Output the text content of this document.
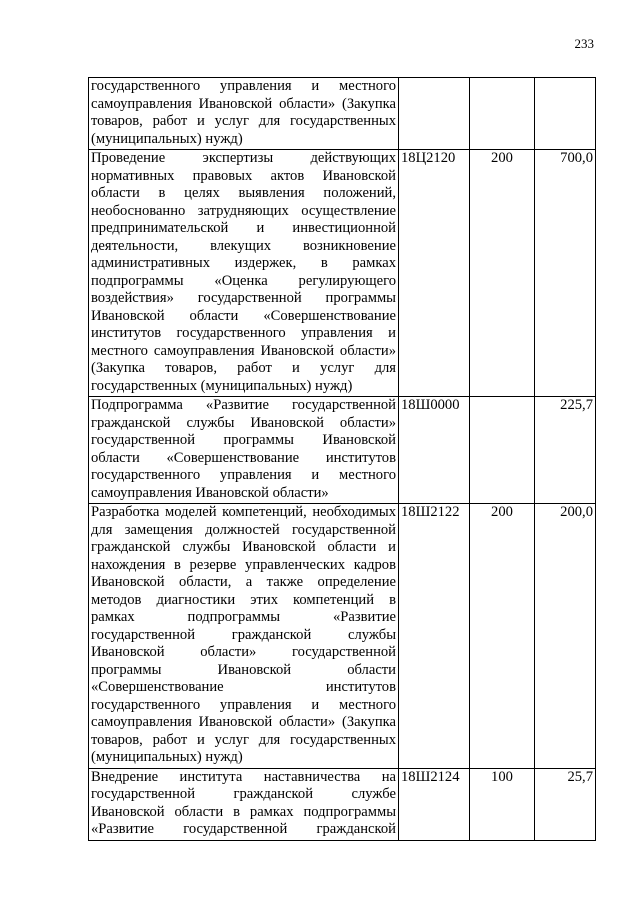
233
государственного управления и местного самоуправления Ивановской области» (Закупка товаров, работ и услуг для государственных (муниципальных) нужд)			
Проведение экспертизы действующих нормативных правовых актов Ивановской области в целях выявления положений, необоснованно затрудняющих осуществление предпринимательской и инвестиционной деятельности, влекущих возникновение административных издержек, в рамках подпрограммы «Оценка регулирующего воздействия» государственной программы Ивановской области «Совершенствование институтов государственного управления и местного самоуправления Ивановской области» (Закупка товаров, работ и услуг для государственных (муниципальных) нужд)	18Ц2120	200	700,0
Подпрограмма «Развитие государственной гражданской службы Ивановской области» государственной программы Ивановской области «Совершенствование институтов государственного управления и местного самоуправления Ивановской области»	18Ш0000		225,7
Разработка моделей компетенций, необходимых для замещения должностей государственной гражданской службы Ивановской области и нахождения в резерве управленческих кадров Ивановской области, а также определение методов диагностики этих компетенций в рамках подпрограммы «Развитие государственной гражданской службы Ивановской области» государственной программы Ивановской области «Совершенствование институтов государственного управления и местного самоуправления Ивановской области» (Закупка товаров, работ и услуг для государственных (муниципальных) нужд)	18Ш2122	200	200,0
Внедрение института наставничества на государственной гражданской службе Ивановской области в рамках подпрограммы «Развитие государственной гражданской	18Ш2124	100	25,7
